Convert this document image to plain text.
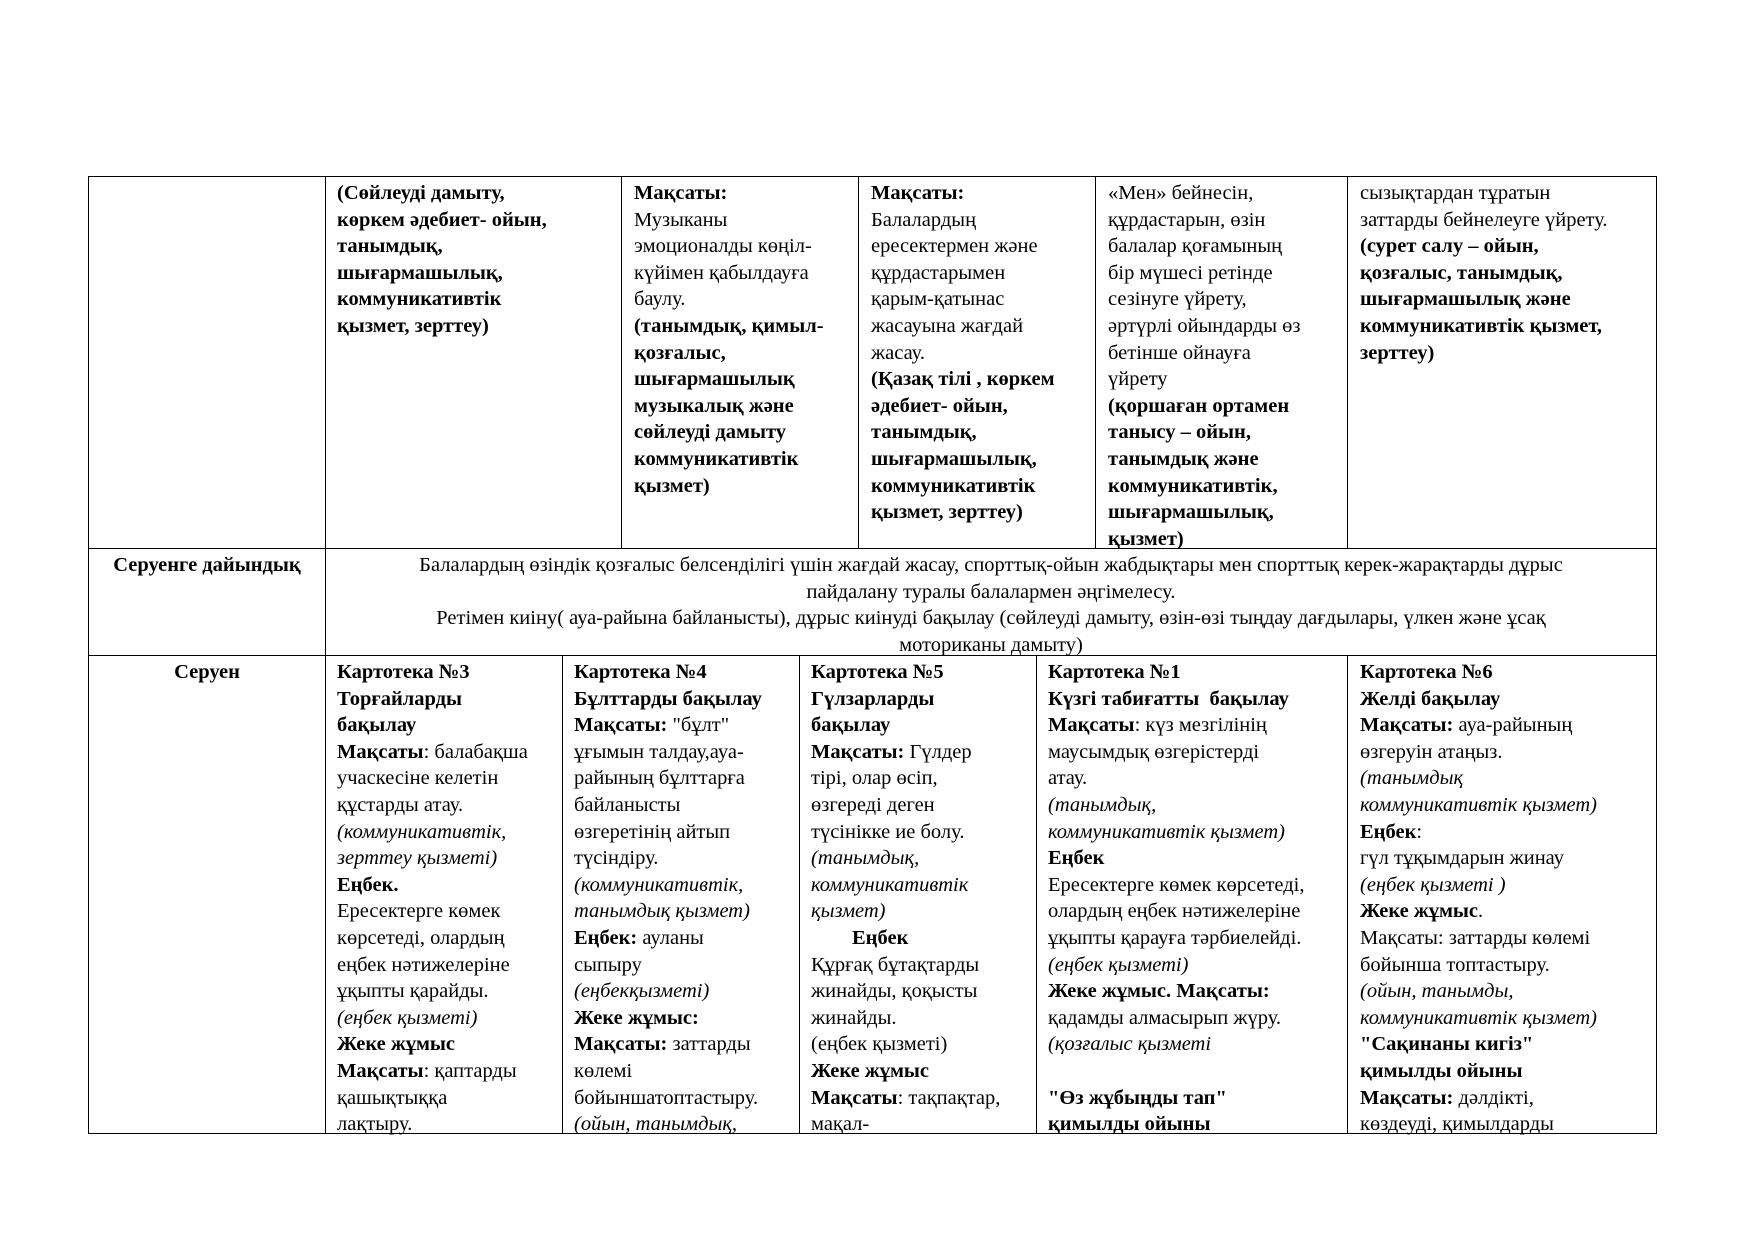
(Сөйлеуді дамыту,
көркем әдебиет- ойын,
танымдық,
шығармашылық,
коммуникативтік
қызмет, зерттеу)
Мақсаты:
Музыканы
эмоционалды көңіл-
күйімен қабылдауға
баулу.
(танымдық, қимыл-
қозғалыс,
шығармашылық
музыкалық және
сөйлеуді дамыту
коммуникативтік
қызмет)
Мақсаты:
Балалардың
ересектермен және
құрдастарымен
қарым-қатынас
жасауына жағдай
жасау.
(Қазақ тілі , көркем
әдебиет- ойын,
танымдық,
шығармашылық,
коммуникативтік
қызмет, зерттеу)
«Мен» бейнесін,
құрдастарын, өзін
балалар қоғамының
бір мүшесі ретінде
сезінуге үйрету,
әртүрлі ойындарды өз
бетінше ойнауға
үйрету
(қоршаған ортамен
танысу – ойын,
танымдық және
коммуникативтік,
шығармашылық,
қызмет)
сызықтардан тұратын
заттарды бейнелеуге үйрету.
(сурет салу – ойын,
қозғалыс, танымдық,
шығармашылық және
коммуникативтік қызмет,
зерттеу)
Серуенге дайындық	Балалардың өзіндік қозғалыс белсенділігі үшін жағдай жасау, спорттық-ойын жабдықтары мен спорттық керек-жарақтарды дұрыс
пайдалану туралы балалармен әңгімелесу.
Ретімен киіну( ауа-райына байланысты), дұрыс киінуді бақылау (сөйлеуді дамыту, өзін-өзі тыңдау дағдылары, үлкен және ұсақ
моториканы дамыту)
Серуен	Картотека №3
Торғайларды
бақылау
Мақсаты: балабақша
учаскесіне келетін
құстарды атау.
(коммуникативтік,
зерттеу қызметі)
Еңбек.
Ересектерге көмек
көрсетеді, олардың
еңбек нәтижелеріне
ұқыпты қарайды.
(еңбек қызметі)
Жеке жұмыс
Мақсаты: қаптарды
қашықтыққа
лақтыру.
Картотека №4
Бұлттарды бақылау
Мақсаты: "бұлт"
ұғымын талдау,ауа-
райының бұлттарға
байланысты
өзгеретінің айтып
түсіндіру.
(коммуникативтік,
танымдық қызмет)
Еңбек: ауланы
сыпыру
(еңбекқызметі)
Жеке жұмыс:
Мақсаты: заттарды
көлемі
бойыншатоптастыру.
(ойын, танымдық,
Картотека №5
Гүлзарларды
бақылау
Мақсаты: Гүлдер
тірі, олар өсіп,
өзгереді деген
түсінікке ие болу.
(танымдық,
коммуникативтік
қызмет)
Еңбек
Құрғақ бұтақтарды
жинайды, қоқысты
жинайды.
(еңбек қызметі)
Жеке жұмыс
Мақсаты: тақпақтар,
мақал-
Картотека №1
Күзгі табиғатты  бақылау
Мақсаты: күз мезгілінің
маусымдық өзгерістерді
атау.
(танымдық,
коммуникативтік қызмет)
Еңбек
Ересектерге көмек көрсетеді,
олардың еңбек нәтижелеріне
ұқыпты қарауға тәрбиелейді.
(еңбек қызметі)
Жеке жұмыс. Мақсаты:
қадамды алмасырып жүру.
(қозғалыс қызметі

"Өз жұбыңды тап"
қимылды ойыны
Картотека №6
Желді бақылау
Мақсаты: ауа-райының
өзгеруін атаңыз.
(танымдық
коммуникативтік қызмет)
Еңбек:
гүл тұқымдарын жинау
(еңбек қызметі )
Жеке жұмыс.
Мақсаты: заттарды көлемі
бойынша топтастыру.
(ойын, танымды,
коммуникативтік қызмет)
"Сақинаны кигіз"
қимылды ойыны
Мақсаты: дәлдікті,
көздеуді, қимылдарды
